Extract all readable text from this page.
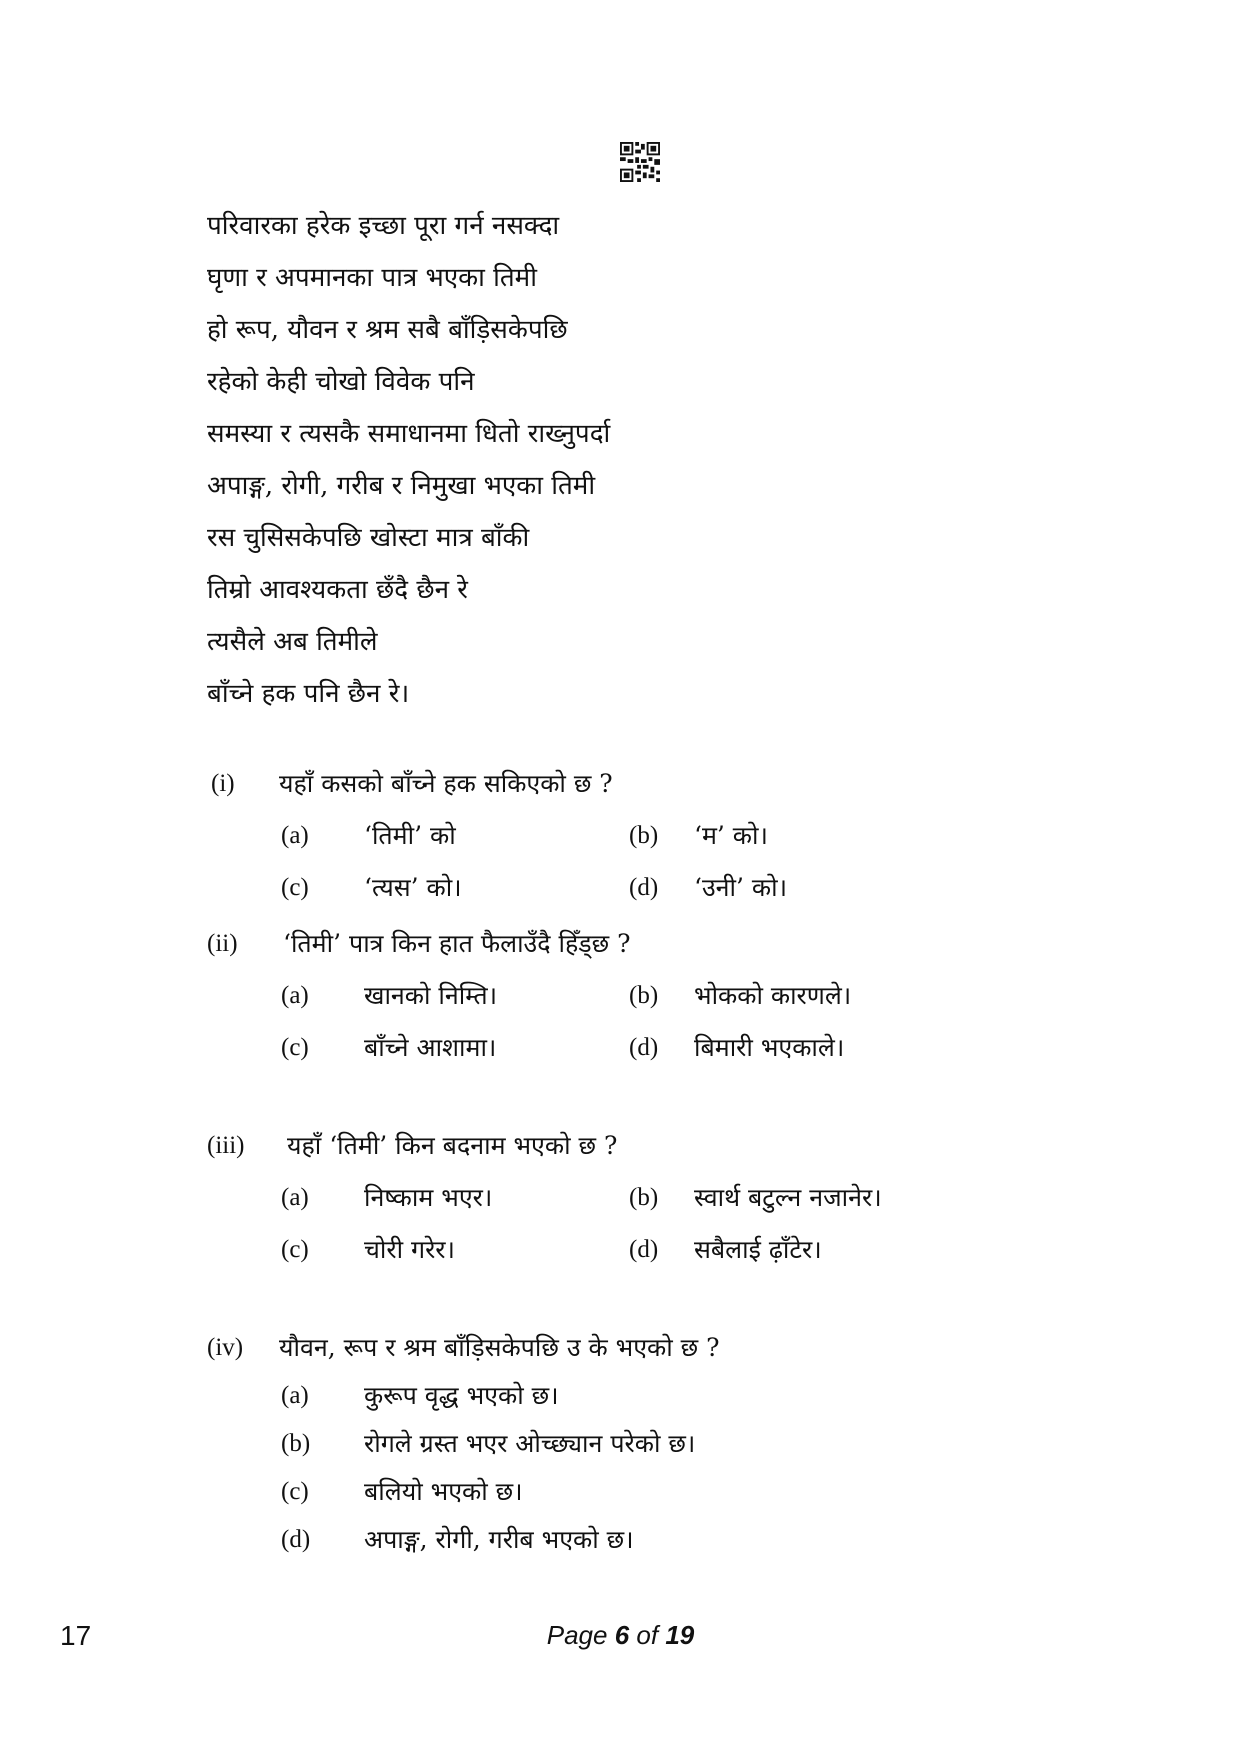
परिवारका हरेक इच्छा पूरा गर्न नसक्दा
घृणा र अपमानका पात्र भएका तिमी
हो रूप, यौवन र श्रम सबै बाँड़िसकेपछि
रहेको केही चोखो विवेक पनि
समस्या र त्यसकै समाधानमा धितो राख्नुपर्दा
अपाङ्ग, रोगी, गरीब र निमुखा भएका तिमी
रस चुसिसकेपछि खोस्टा मात्र बाँकी
तिम्रो आवश्यकता छँदै छैन रे
त्यसैले अब तिमीले
बाँच्ने हक पनि छैन रे।
(i) यहाँ कसको बाँच्ने हक सकिएको छ ?
(a) ‘तिमी’ को	(b) ‘म’ को।
(c) ‘त्यस’ को।	(d) ‘उनी’ को।
(ii) ‘तिमी’ पात्र किन हात फैलाउँदै हिँड्छ ?
(a) खानको निम्ति।	(b) भोकको कारणले।
(c) बाँच्ने आशामा।	(d) बिमारी भएकाले।
(iii) यहाँ ‘तिमी’ किन बदनाम भएको छ ?
(a) निष्काम भएर।	(b) स्वार्थ बटुल्न नजानेर।
(c) चोरी गरेर।	(d) सबैलाई ढ़ाँटेर।
(iv) यौवन, रूप र श्रम बाँड़िसकेपछि उ के भएको छ ?
(a) कुरूप वृद्ध भएको छ।
(b) रोगले ग्रस्त भएर ओच्छ्यान परेको छ।
(c) बलियो भएको छ।
(d) अपाङ्ग, रोगी, गरीब भएको छ।
17	Page 6 of 19
